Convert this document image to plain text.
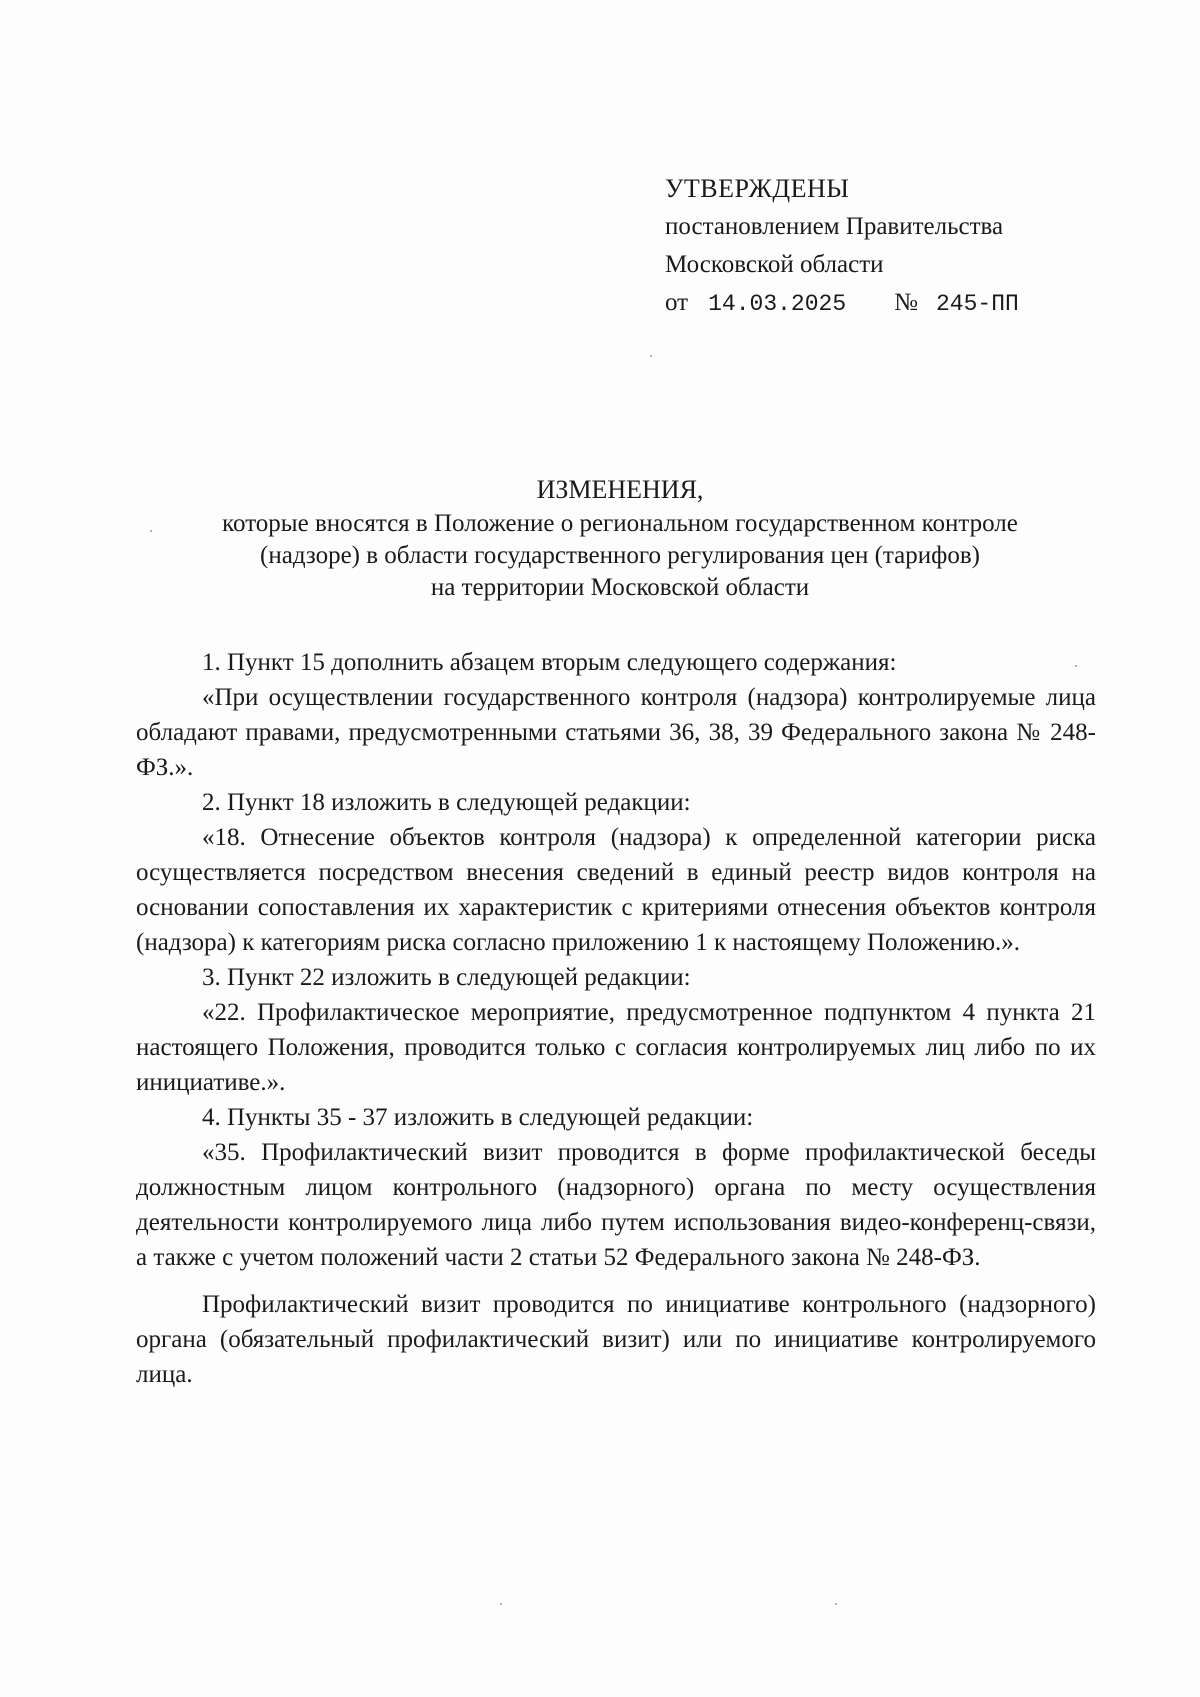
УТВЕРЖДЕНЫ
постановлением Правительства
Московской области
от 14.03.2025 № 245-ПП
ИЗМЕНЕНИЯ,
которые вносятся в Положение о региональном государственном контроле
(надзоре) в области государственного регулирования цен (тарифов)
на территории Московской области

1. Пункт 15 дополнить абзацем вторым следующего содержания:

«При осуществлении государственного контроля (надзора) контролируемые лица обладают правами, предусмотренными статьями 36, 38, 39 Федерального закона № 248-ФЗ.».

2. Пункт 18 изложить в следующей редакции:

«18. Отнесение объектов контроля (надзора) к определенной категории риска осуществляется посредством внесения сведений в единый реестр видов контроля на основании сопоставления их характеристик с критериями отнесения объектов контроля (надзора) к категориям риска согласно приложению 1 к настоящему Положению.».

3. Пункт 22 изложить в следующей редакции:

«22. Профилактическое мероприятие, предусмотренное подпунктом 4 пункта 21 настоящего Положения, проводится только с согласия контролируемых лиц либо по их инициативе.».

4. Пункты 35 - 37 изложить в следующей редакции:

«35. Профилактический визит проводится в форме профилактической беседы должностным лицом контрольного (надзорного) органа по месту осуществления деятельности контролируемого лица либо путем использования видео-конференц-связи, а также с учетом положений части 2 статьи 52 Федерального закона № 248-ФЗ.

Профилактический визит проводится по инициативе контрольного (надзорного) органа (обязательный профилактический визит) или по инициативе контролируемого лица.
